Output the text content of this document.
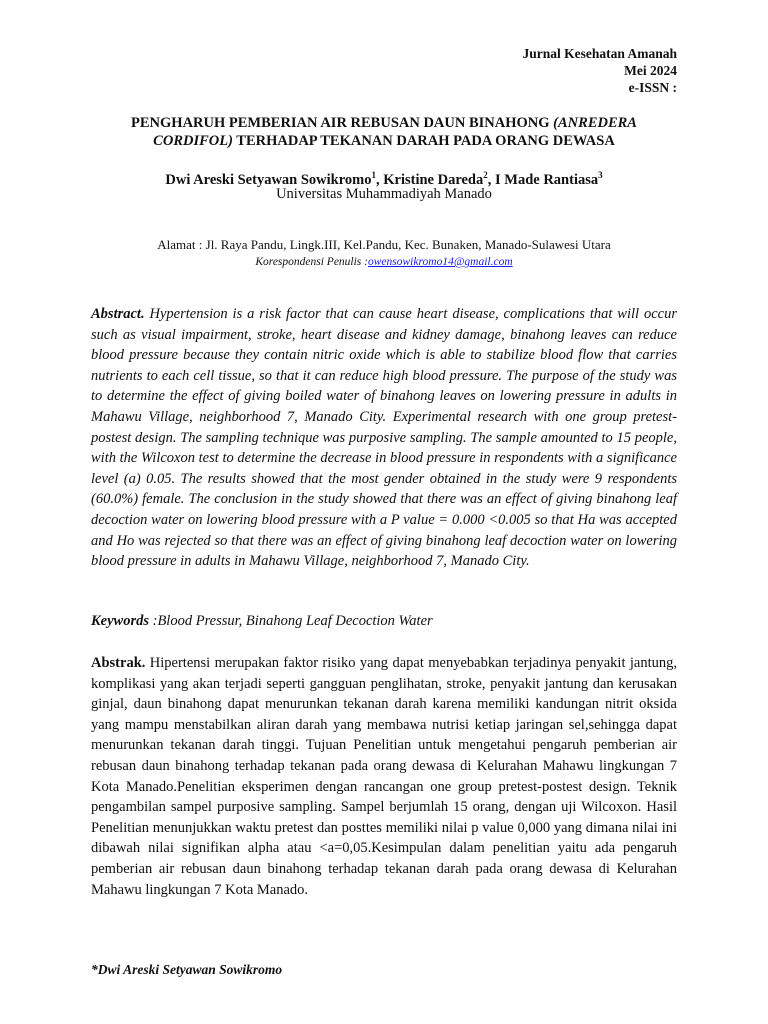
Jurnal Kesehatan Amanah
Mei 2024
e-ISSN :
PENGHARUH PEMBERIAN AIR REBUSAN DAUN BINAHONG (ANREDERA
CORDIFOL) TERHADAP TEKANAN DARAH PADA ORANG DEWASA
Dwi Areski Setyawan Sowikromo$^1$, Kristine Dareda$^2$, I Made Rantiasa$^3$
Universitas Muhammadiyah Manado
Alamat : Jl. Raya Pandu, Lingk.III, Kel.Pandu, Kec. Bunaken, Manado-Sulawesi Utara
Korespondensi Penulis :owensowikromo14@gmail.com
Abstract. Hypertension is a risk factor that can cause heart disease, complications that will occur such as visual impairment, stroke, heart disease and kidney damage, binahong leaves can reduce blood pressure because they contain nitric oxide which is able to stabilize blood flow that carries nutrients to each cell tissue, so that it can reduce high blood pressure. The purpose of the study was to determine the effect of giving boiled water of binahong leaves on lowering pressure in adults in Mahawu Village, neighborhood 7, Manado City. Experimental research with one group pretest-postest design. The sampling technique was purposive sampling. The sample amounted to 15 people, with the Wilcoxon test to determine the decrease in blood pressure in respondents with a significance level (a) 0.05. The results showed that the most gender obtained in the study were 9 respondents (60.0%) female. The conclusion in the study showed that there was an effect of giving binahong leaf decoction water on lowering blood pressure with a P value = 0.000 <0.005 so that Ha was accepted and Ho was rejected so that there was an effect of giving binahong leaf decoction water on lowering blood pressure in adults in Mahawu Village, neighborhood 7, Manado City.
Keywords :Blood Pressur, Binahong Leaf Decoction Water
Abstrak. Hipertensi merupakan faktor risiko yang dapat menyebabkan terjadinya penyakit jantung, komplikasi yang akan terjadi seperti gangguan penglihatan, stroke, penyakit jantung dan kerusakan ginjal, daun binahong dapat menurunkan tekanan darah karena memiliki kandungan nitrit oksida yang mampu menstabilkan aliran darah yang membawa nutrisi ketiap jaringan sel,sehingga dapat menurunkan tekanan darah tinggi. Tujuan Penelitian untuk mengetahui pengaruh pemberian air rebusan daun binahong terhadap tekanan pada orang dewasa di Kelurahan Mahawu lingkungan 7 Kota Manado.Penelitian eksperimen dengan rancangan one group pretest-postest design. Teknik pengambilan sampel purposive sampling. Sampel berjumlah 15 orang, dengan uji Wilcoxon. Hasil Penelitian menunjukkan waktu pretest dan posttes memiliki nilai p value 0,000 yang dimana nilai ini dibawah nilai signifikan alpha atau <a=0,05.Kesimpulan dalam penelitian yaitu ada pengaruh pemberian air rebusan daun binahong terhadap tekanan darah pada orang dewasa di Kelurahan Mahawu lingkungan 7 Kota Manado.
*Dwi Areski Setyawan Sowikromo
